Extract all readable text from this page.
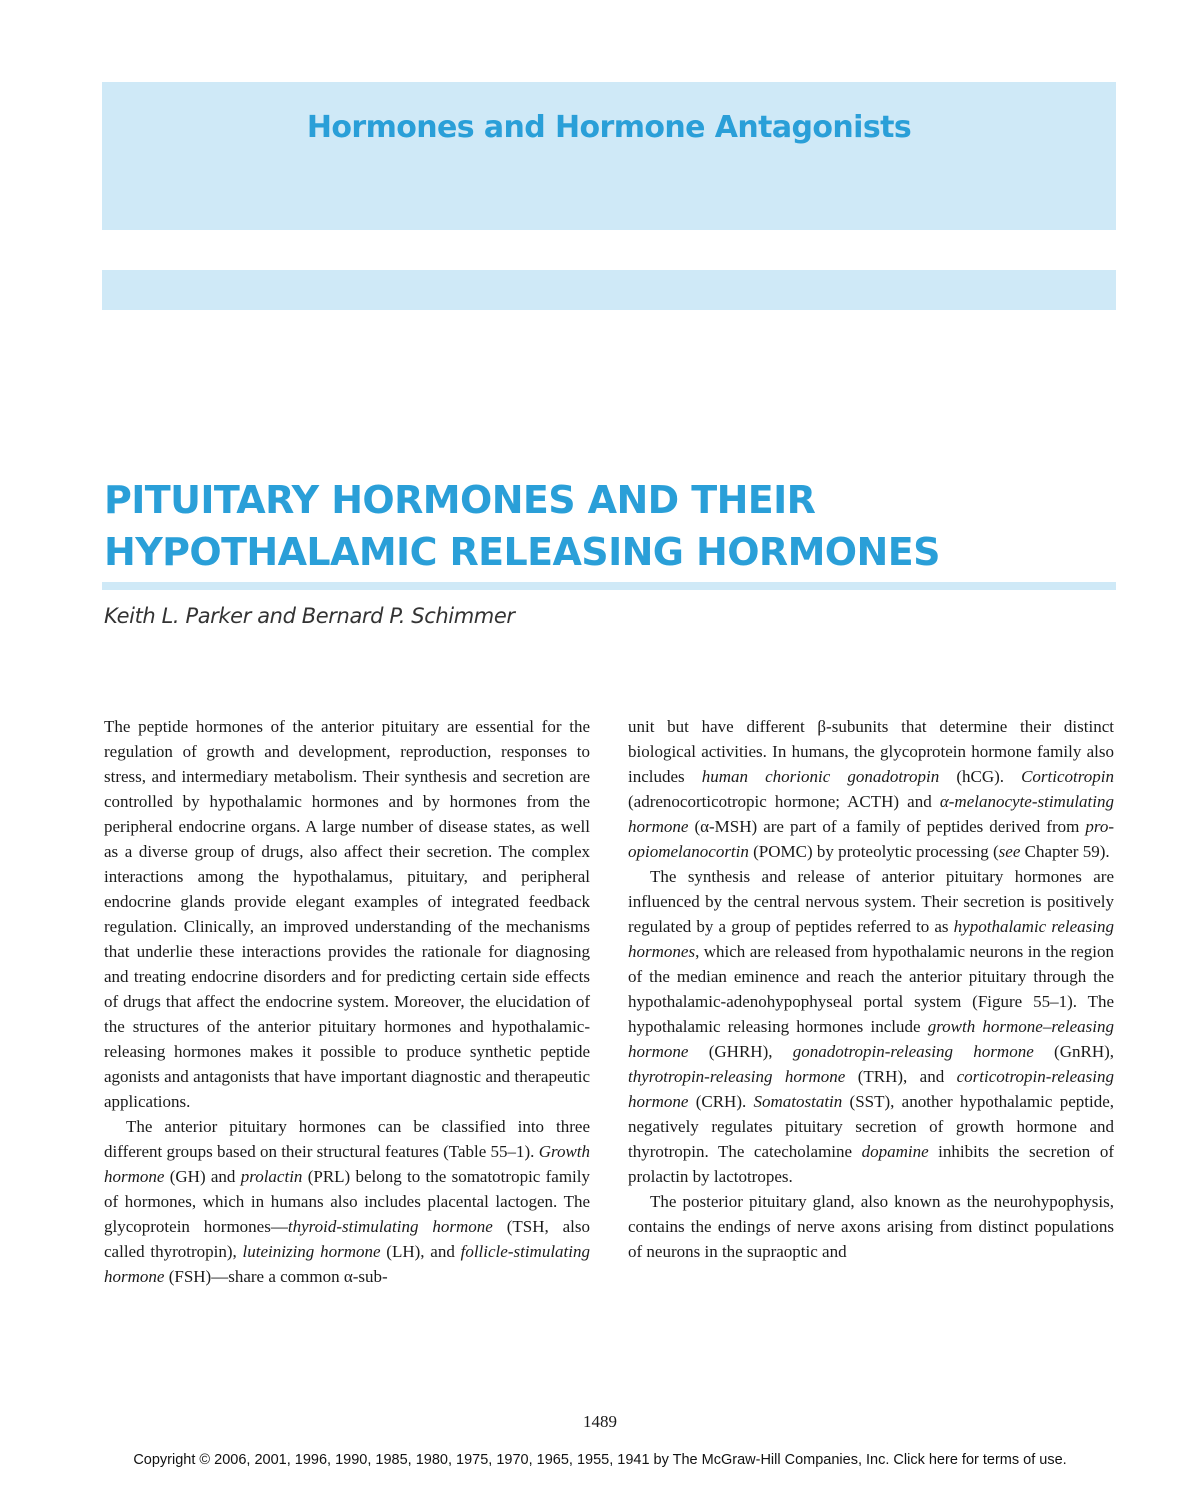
Hormones and Hormone Antagonists
PITUITARY HORMONES AND THEIR
HYPOTHALAMIC RELEASING HORMONES
Keith L. Parker and Bernard P. Schimmer

The peptide hormones of the anterior pituitary are essential for the regulation of growth and development, reproduction, responses to stress, and intermediary metabolism. Their synthesis and secretion are controlled by hypothalamic hormones and by hormones from the peripheral endocrine organs. A large number of disease states, as well as a diverse group of drugs, also affect their secretion. The complex interactions among the hypothalamus, pituitary, and peripheral endocrine glands provide elegant examples of integrated feedback regulation. Clinically, an improved understanding of the mechanisms that underlie these interactions provides the rationale for diagnosing and treating endocrine disorders and for predicting certain side effects of drugs that affect the endocrine system. Moreover, the elucidation of the structures of the anterior pituitary hormones and hypothalamic-releasing hormones makes it possible to produce synthetic peptide agonists and antagonists that have important diagnostic and therapeutic applications.

The anterior pituitary hormones can be classified into three different groups based on their structural features (Table 55–1). Growth hormone (GH) and prolactin (PRL) belong to the somatotropic family of hormones, which in humans also includes placental lactogen. The glycoprotein hormones—thyroid-stimulating hormone (TSH, also called thyrotropin), luteinizing hormone (LH), and follicle-stimulating hormone (FSH)—share a common α-sub-

unit but have different β-subunits that determine their distinct biological activities. In humans, the glycoprotein hormone family also includes human chorionic gonadotropin (hCG). Corticotropin (adrenocorticotropic hormone; ACTH) and α-melanocyte-stimulating hormone (α-MSH) are part of a family of peptides derived from pro-opiomelanocortin (POMC) by proteolytic processing (see Chapter 59).

The synthesis and release of anterior pituitary hormones are influenced by the central nervous system. Their secretion is positively regulated by a group of peptides referred to as hypothalamic releasing hormones, which are released from hypothalamic neurons in the region of the median eminence and reach the anterior pituitary through the hypothalamic-adenohypophyseal portal system (Figure 55–1). The hypothalamic releasing hormones include growth hormone–releasing hormone (GHRH), gonadotropin-releasing hormone (GnRH), thyrotropin-releasing hormone (TRH), and corticotropin-releasing hormone (CRH). Somatostatin (SST), another hypothalamic peptide, negatively regulates pituitary secretion of growth hormone and thyrotropin. The catecholamine dopamine inhibits the secretion of prolactin by lactotropes.

The posterior pituitary gland, also known as the neurohypophysis, contains the endings of nerve axons arising from distinct populations of neurons in the supraoptic and

1489
Copyright © 2006, 2001, 1996, 1990, 1985, 1980, 1975, 1970, 1965, 1955, 1941 by The McGraw-Hill Companies, Inc. Click here for terms of use.
